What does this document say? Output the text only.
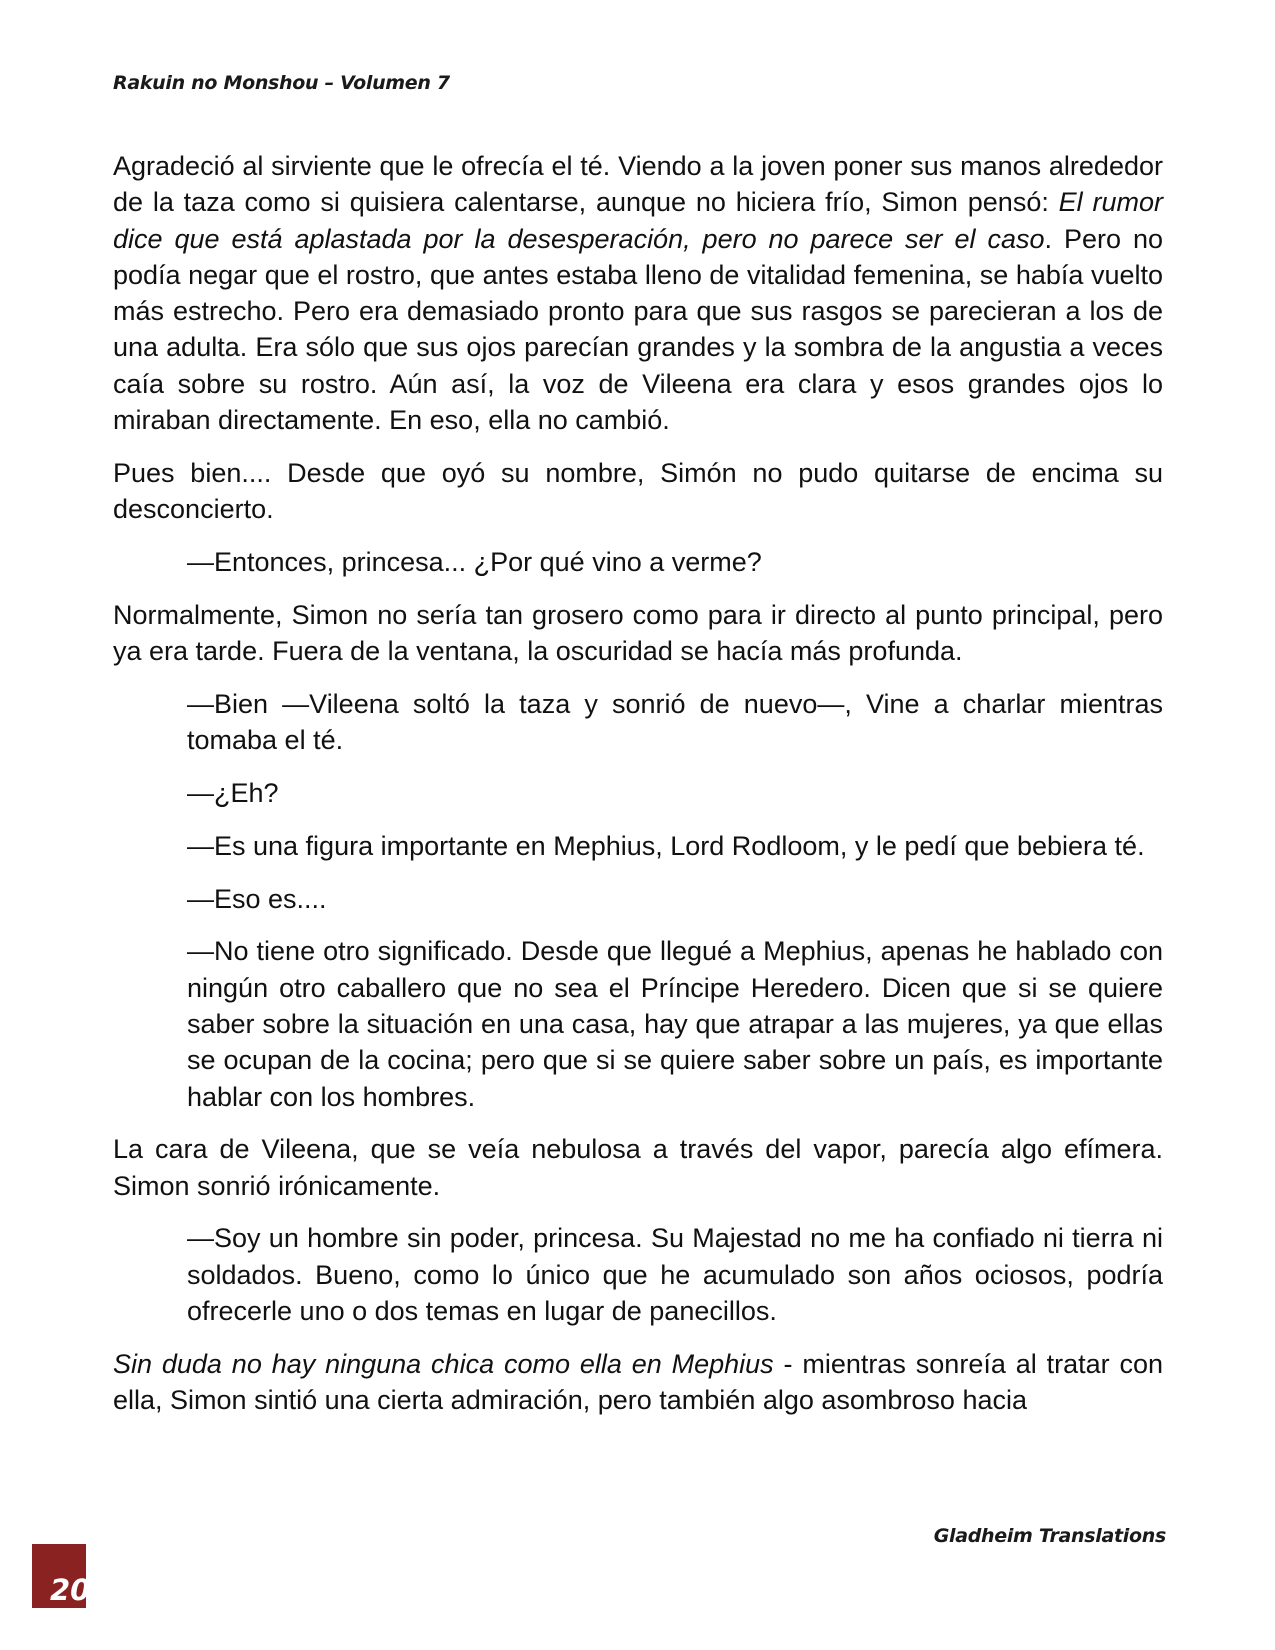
Rakuin no Monshou – Volumen 7

Agradeció al sirviente que le ofrecía el té. Viendo a la joven poner sus manos alrededor de la taza como si quisiera calentarse, aunque no hiciera frío, Simon pensó: El rumor dice que está aplastada por la desesperación, pero no parece ser el caso. Pero no podía negar que el rostro, que antes estaba lleno de vitalidad femenina, se había vuelto más estrecho. Pero era demasiado pronto para que sus rasgos se parecieran a los de una adulta. Era sólo que sus ojos parecían grandes y la sombra de la angustia a veces caía sobre su rostro. Aún así, la voz de Vileena era clara y esos grandes ojos lo miraban directamente. En eso, ella no cambió.

Pues bien.... Desde que oyó su nombre, Simón no pudo quitarse de encima su desconcierto.

—Entonces, princesa... ¿Por qué vino a verme?

Normalmente, Simon no sería tan grosero como para ir directo al punto principal, pero ya era tarde. Fuera de la ventana, la oscuridad se hacía más profunda.

—Bien —Vileena soltó la taza y sonrió de nuevo—, Vine a charlar mientras tomaba el té.

—¿Eh?

—Es una figura importante en Mephius, Lord Rodloom, y le pedí que bebiera té.

—Eso es....

—No tiene otro significado. Desde que llegué a Mephius, apenas he hablado con ningún otro caballero que no sea el Príncipe Heredero. Dicen que si se quiere saber sobre la situación en una casa, hay que atrapar a las mujeres, ya que ellas se ocupan de la cocina; pero que si se quiere saber sobre un país, es importante hablar con los hombres.

La cara de Vileena, que se veía nebulosa a través del vapor, parecía algo efímera. Simon sonrió irónicamente.

—Soy un hombre sin poder, princesa. Su Majestad no me ha confiado ni tierra ni soldados. Bueno, como lo único que he acumulado son años ociosos, podría ofrecerle uno o dos temas en lugar de panecillos.

Sin duda no hay ninguna chica como ella en Mephius - mientras sonreía al tratar con ella, Simon sintió una cierta admiración, pero también algo asombroso hacia

Gladheim Translations
20
